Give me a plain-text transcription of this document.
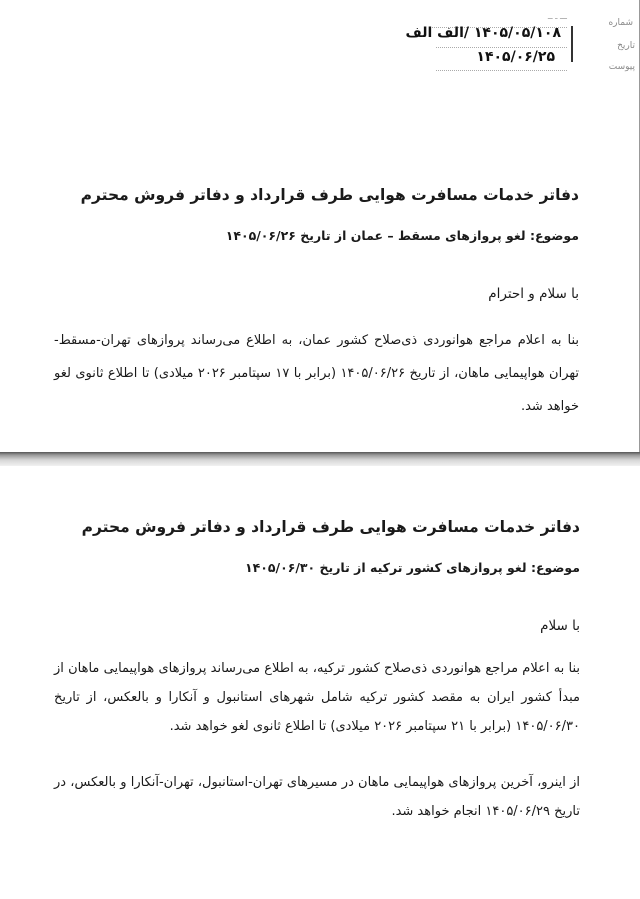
شماره
تاریخ
پیوست
ـــ ـ ــ
۱۴۰۵/۰۵/۱۰۸ /الف الف
۱۴۰۵/۰۶/۲۵
دفاتر خدمات مسافرت هوایی طرف قرارداد و دفاتر فروش محترم
موضوع: لغو پروازهای مسقط – عمان از تاریخ ۱۴۰۵/۰۶/۲۶
با سلام و احترام
بنا به اعلام مراجع هوانوردی ذی‌صلاح کشور عمان، به اطلاع می‌رساند پروازهای تهران-مسقط-تهران هواپیمایی ماهان، از تاریخ ۱۴۰۵/۰۶/۲۶ (برابر با ۱۷ سپتامبر ۲۰۲۶ میلادی) تا اطلاع ثانوی لغو خواهد شد.
دفاتر خدمات مسافرت هوایی طرف قرارداد و دفاتر فروش محترم
موضوع: لغو پروازهای کشور ترکیه از تاریخ ۱۴۰۵/۰۶/۳۰
با سلام
بنا به اعلام مراجع هوانوردی ذی‌صلاح کشور ترکیه، به اطلاع می‌رساند پروازهای هواپیمایی ماهان از مبدأ کشور ایران به مقصد کشور ترکیه شامل شهرهای استانبول و آنکارا و بالعکس، از تاریخ ۱۴۰۵/۰۶/۳۰ (برابر با ۲۱ سپتامبر ۲۰۲۶ میلادی) تا اطلاع ثانوی لغو خواهد شد.
از اینرو، آخرین پروازهای هواپیمایی ماهان در مسیرهای تهران-استانبول، تهران-آنکارا و بالعکس، در تاریخ ۱۴۰۵/۰۶/۲۹ انجام خواهد شد.
